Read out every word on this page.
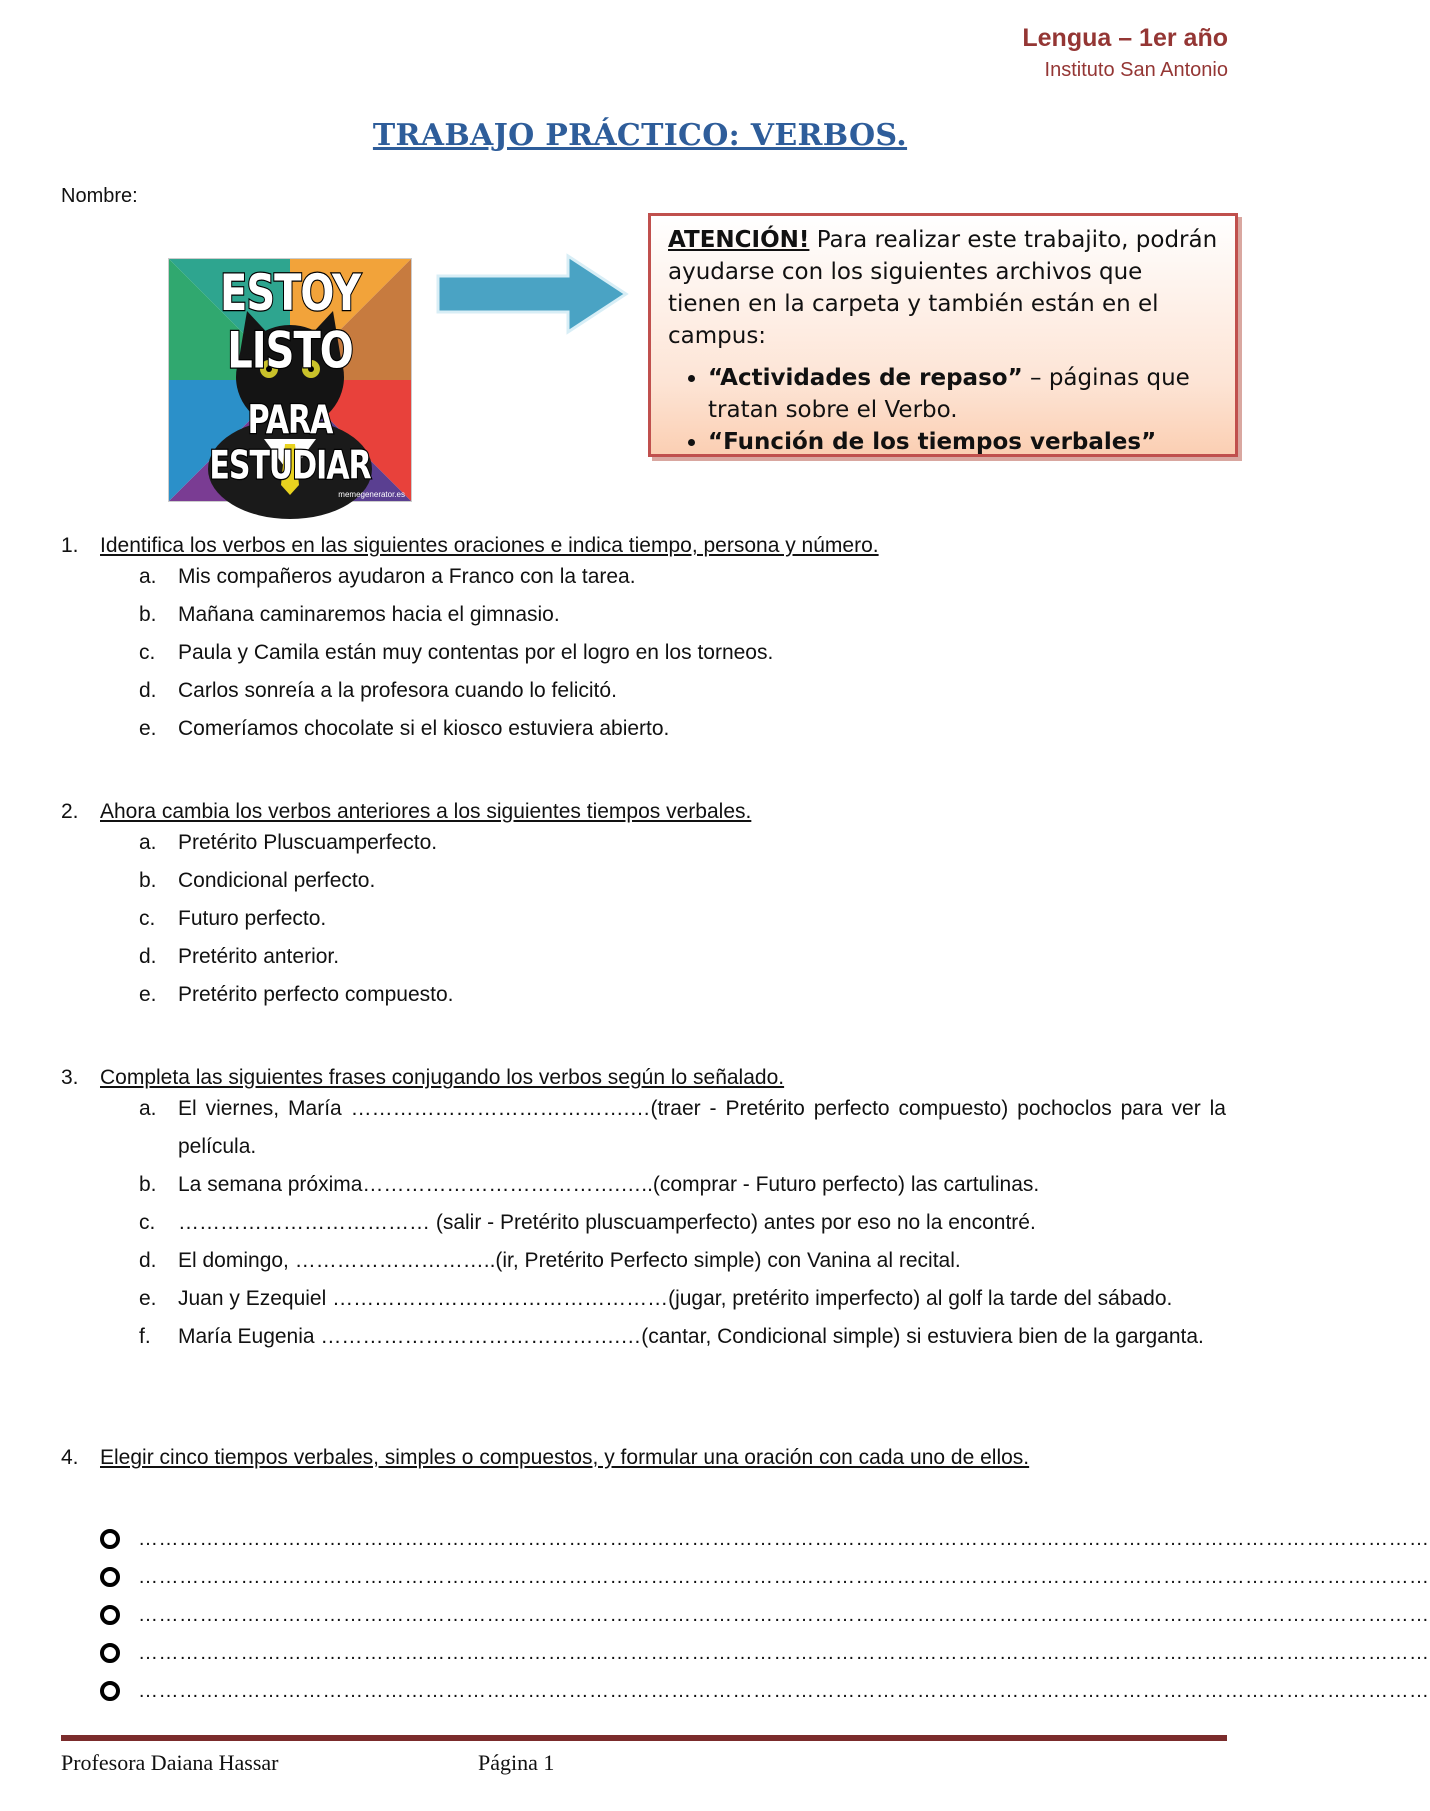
Lengua – 1er año
Instituto San Antonio
TRABAJO PRÁCTICO: VERBOS.
Nombre:
ESTOY LISTO
PARA ESTUDIAR
memegenerator.es

ATENCIÓN! Para realizar este trabajito, podrán ayudarse con los siguientes archivos que tienen en la carpeta y también están en el campus:

• “Actividades de repaso” – páginas que tratan sobre el Verbo.
• “Función de los tiempos verbales”
1.	Identifica los verbos en las siguientes oraciones e indica tiempo, persona y número.
a.	Mis compañeros ayudaron a Franco con la tarea.
b.	Mañana caminaremos hacia el gimnasio.
c.	Paula y Camila están muy contentas por el logro en los torneos.
d.	Carlos sonreía a la profesora cuando lo felicitó.
e.	Comeríamos chocolate si el kiosco estuviera abierto.
2.	Ahora cambia los verbos anteriores a los siguientes tiempos verbales.
a.	Pretérito Pluscuamperfecto.
b.	Condicional perfecto.
c.	Futuro perfecto.
d.	Pretérito anterior.
e.	Pretérito perfecto compuesto.
3.	Completa las siguientes frases conjugando los verbos según lo señalado.
a.	El viernes, María ………………………………….…(traer - Pretérito perfecto compuesto) pochoclos para ver la película.
b.	La semana próxima……………………………….…..(comprar - Futuro perfecto) las cartulinas.
c.	……………………………… (salir - Pretérito pluscuamperfecto) antes por eso no la encontré.
d.	El domingo, ………………………..(ir, Pretérito Perfecto simple) con Vanina al recital.
e.	Juan y Ezequiel …………………………………………(jugar, pretérito imperfecto) al golf la tarde del sábado.
f.	María Eugenia …………………………………….…(cantar, Condicional simple) si estuviera bien de la garganta.
4.	Elegir cinco tiempos verbales, simples o compuestos, y formular una oración con cada uno de ellos.
………………………………………………………………………………………………………………………………………………………………………
………………………………………………………………………………………………………………………………………………………………………
………………………………………………………………………………………………………………………………………………………………………
………………………………………………………………………………………………………………………………………………………………………
………………………………………………………………………………………………………………………………………………………………………
Profesora Daiana Hassar	Página 1
